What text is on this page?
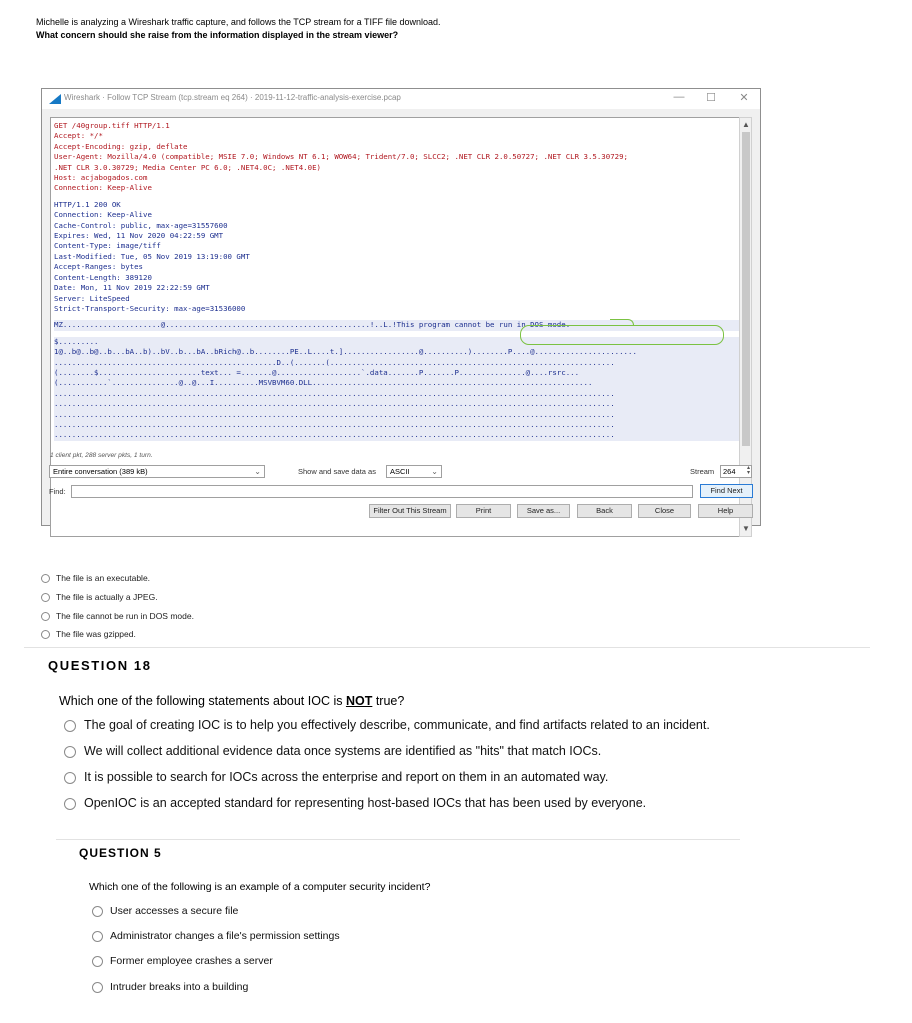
Michelle is analyzing a Wireshark traffic capture, and follows the TCP stream for a TIFF file download.
What concern should she raise from the information displayed in the stream viewer?
Wireshark · Follow TCP Stream (tcp.stream eq 264) · 2019-11-12-traffic-analysis-exercise.pcap	—	☐	✕
GET /40group.tiff HTTP/1.1
Accept: */*
Accept-Encoding: gzip, deflate
User-Agent: Mozilla/4.0 (compatible; MSIE 7.0; Windows NT 6.1; WOW64; Trident/7.0; SLCC2; .NET CLR 2.0.50727; .NET CLR 3.5.30729;
.NET CLR 3.0.30729; Media Center PC 6.0; .NET4.0C; .NET4.0E)
Host: acjabogados.com
Connection: Keep-Alive
HTTP/1.1 200 OK
Connection: Keep-Alive
Cache-Control: public, max-age=31557600
Expires: Wed, 11 Nov 2020 04:22:59 GMT
Content-Type: image/tiff
Last-Modified: Tue, 05 Nov 2019 13:19:00 GMT
Accept-Ranges: bytes
Content-Length: 389120
Date: Mon, 11 Nov 2019 22:22:59 GMT
Server: LiteSpeed
Strict-Transport-Security: max-age=31536000
MZ......................@..............................................!..L.!This program cannot be run in DOS mode.
$.........
1@..b@..b@..b...bA..b)..bV..b...bA..bRich@..b........PE..L....t.].................@..........)........P....@.......................
..................................................D..(.......(................................................................
(........$.......................text... =.......@...................`.data.......P.......P...............@....rsrc...
(...........`...............@..@...I..........MSVBVM60.DLL...............................................................
..............................................................................................................................
..............................................................................................................................
..............................................................................................................................
..............................................................................................................................
..............................................................................................................................
▲
▼
1 client pkt, 288 server pkts, 1 turn.
Entire conversation (389 kB)	⌄	Show and save data as	ASCII	⌄	Stream	264 ▴
▾
Find:	Find Next
Filter Out This Stream	Print	Save as...	Back	Close	Help
The file is an executable.
The file is actually a JPEG.
The file cannot be run in DOS mode.
The file was gzipped.
QUESTION 18
Which one of the following statements about IOC is NOT true?
The goal of creating IOC is to help you effectively describe, communicate, and find artifacts related to an incident.
We will collect additional evidence data once systems are identified as "hits" that match IOCs.
It is possible to search for IOCs across the enterprise and report on them in an automated way.
OpenIOC is an accepted standard for representing host-based IOCs that has been used by everyone.
QUESTION 5
Which one of the following is an example of a computer security incident?
User accesses a secure file
Administrator changes a file's permission settings
Former employee crashes a server
Intruder breaks into a building
